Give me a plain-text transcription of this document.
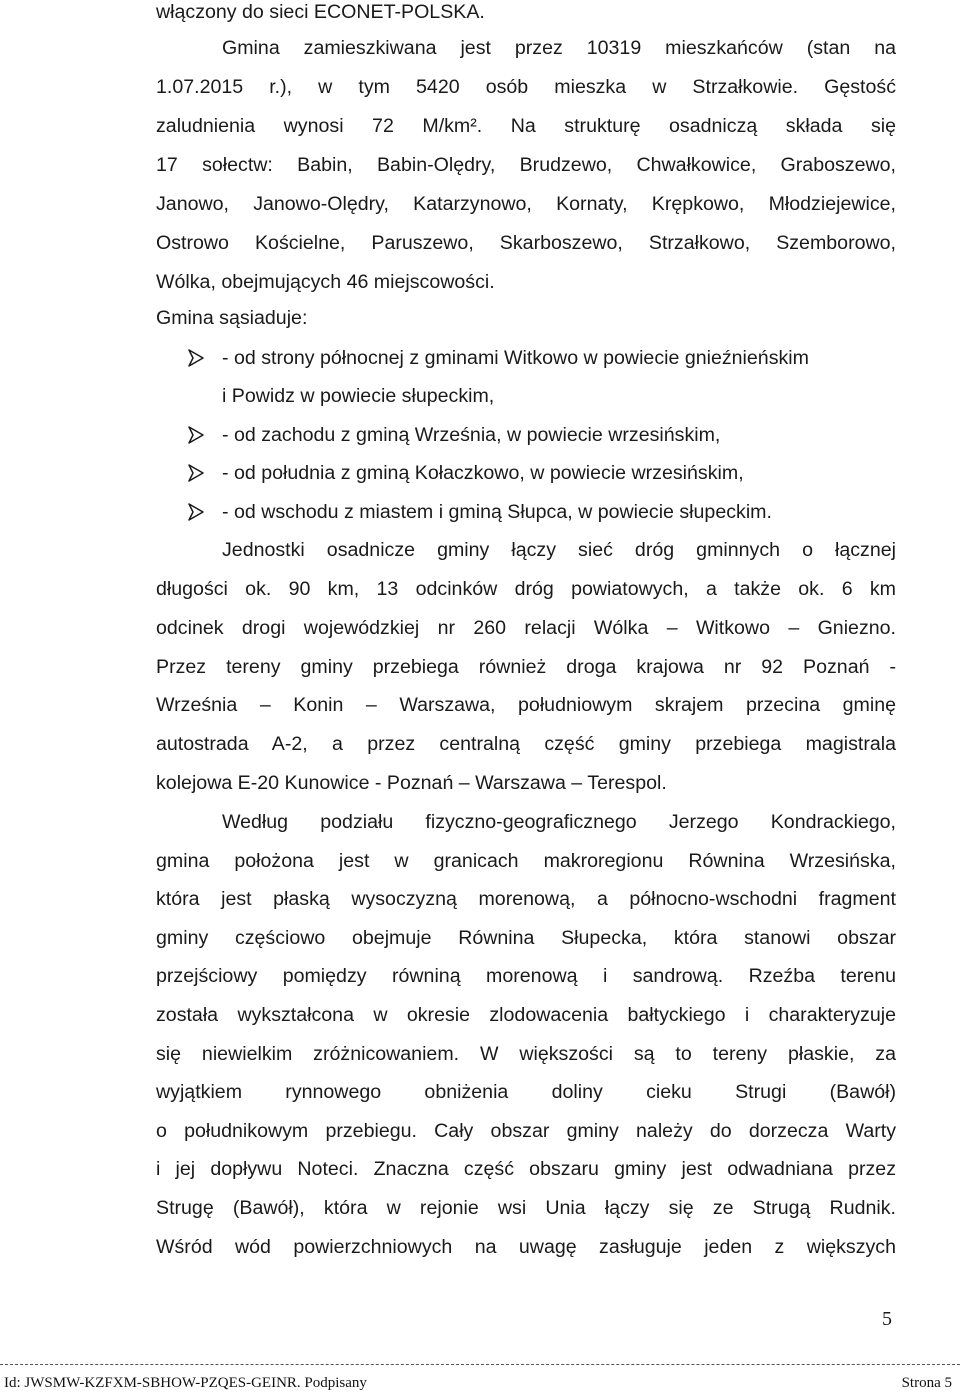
włączony do sieci ECONET-POLSKA.
Gmina zamieszkiwana jest przez 10319 mieszkańców (stan na
1.07.2015 r.), w tym 5420 osób mieszka w Strzałkowie. Gęstość
zaludnienia wynosi 72 M/km². Na strukturę osadniczą składa się
17 sołectw: Babin, Babin-Olędry, Brudzewo, Chwałkowice, Graboszewo,
Janowo, Janowo-Olędry, Katarzynowo, Kornaty, Krępkowo, Młodziejewice,
Ostrowo Kościelne, Paruszewo, Skarboszewo, Strzałkowo, Szemborowo,
Wólka, obejmujących 46 miejscowości.
Gmina sąsiaduje:
- od strony północnej z gminami Witkowo w powiecie gnieźnieńskim
i Powidz w powiecie słupeckim,
- od zachodu z gminą Września, w powiecie wrzesińskim,
- od południa z gminą Kołaczkowo, w powiecie wrzesińskim,
- od wschodu z miastem i gminą Słupca, w powiecie słupeckim.
Jednostki osadnicze gminy łączy sieć dróg gminnych o łącznej
długości ok. 90 km, 13 odcinków dróg powiatowych, a także ok. 6 km
odcinek drogi wojewódzkiej nr 260 relacji Wólka – Witkowo – Gniezno.
Przez tereny gminy przebiega również droga krajowa nr 92 Poznań -
Września – Konin – Warszawa, południowym skrajem przecina gminę
autostrada A-2, a przez centralną część gminy przebiega magistrala
kolejowa E-20 Kunowice - Poznań – Warszawa – Terespol.
Według podziału fizyczno-geograficznego Jerzego Kondrackiego,
gmina położona jest w granicach makroregionu Równina Wrzesińska,
która jest płaską wysoczyzną morenową, a północno-wschodni fragment
gminy częściowo obejmuje Równina Słupecka, która stanowi obszar
przejściowy pomiędzy równiną morenową i sandrową. Rzeźba terenu
została wykształcona w okresie zlodowacenia bałtyckiego i charakteryzuje
się niewielkim zróżnicowaniem. W większości są to tereny płaskie, za
wyjątkiem rynnowego obniżenia doliny cieku Strugi (Bawół)
o południkowym przebiegu. Cały obszar gminy należy do dorzecza Warty
i jej dopływu Noteci. Znaczna część obszaru gminy jest odwadniana przez
Strugę (Bawół), która w rejonie wsi Unia łączy się ze Strugą Rudnik.
Wśród wód powierzchniowych na uwagę zasługuje jeden z większych
5
Id: JWSMW-KZFXM-SBHOW-PZQES-GEINR. Podpisany	Strona 5
